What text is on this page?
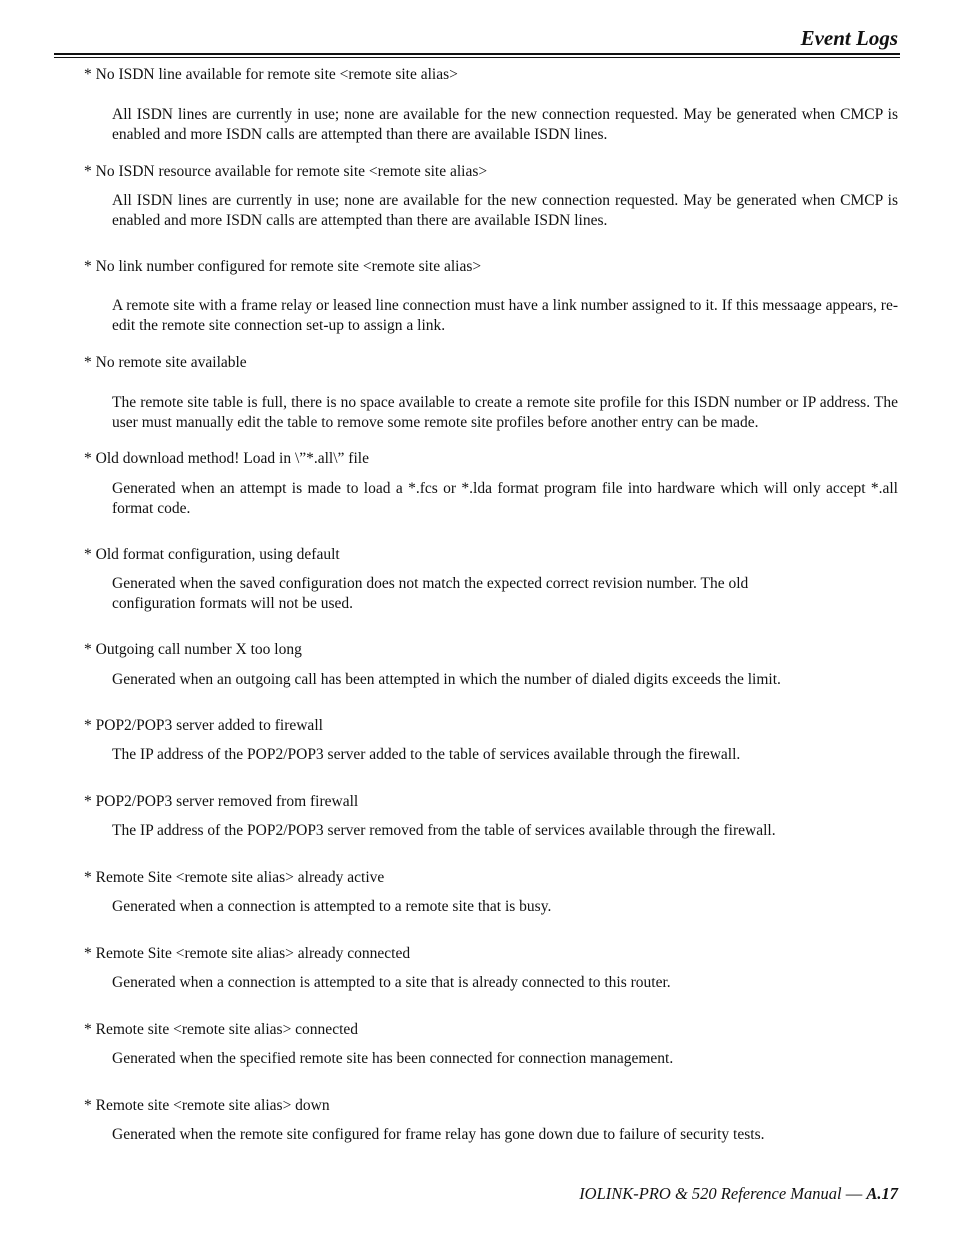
Event Logs
* No ISDN line available for remote site <remote site alias>
All ISDN lines are currently in use; none are available for the new connection requested. May be generated when CMCP is enabled and more ISDN calls are attempted than there are available ISDN lines.
* No ISDN resource available for remote site <remote site alias>
All ISDN lines are currently in use; none are available for the new connection requested. May be generated when CMCP is enabled and more ISDN calls are attempted than there are available ISDN lines.
* No link number configured for remote site <remote site alias>
A remote site with a frame relay or leased line connection must have a link number assigned to it. If this messaage appears, re-edit the remote site connection set-up to assign a link.
* No remote site available
The remote site table is full, there is no space available to create a remote site profile for this ISDN number or IP address. The user must manually edit the table to remove some remote site profiles before another entry can be made.
* Old download method! Load in \”*.all\” file
Generated when an attempt is made to load a *.fcs or *.lda format program file into hardware which will only accept *.all format code.
* Old format configuration, using default
Generated when the saved configuration does not match the expected correct revision number. The old configuration formats will not be used.
* Outgoing call number X too long
Generated when an outgoing call has been attempted in which the number of dialed digits exceeds the limit.
* POP2/POP3 server added to firewall
The IP address of the POP2/POP3 server added to the table of services available through the firewall.
* POP2/POP3 server removed from firewall
The IP address of the POP2/POP3 server removed from the table of services available through the firewall.
* Remote Site <remote site alias> already active
Generated when a connection is attempted to a remote site that is busy.
* Remote Site <remote site alias> already connected
Generated when a connection is attempted to a site that is already connected to this router.
* Remote site <remote site alias> connected
Generated when the specified remote site has been connected for connection management.
* Remote site <remote site alias> down
Generated when the remote site configured for frame relay has gone down due to failure of security tests.
IOLINK-PRO & 520 Reference Manual — A.17
